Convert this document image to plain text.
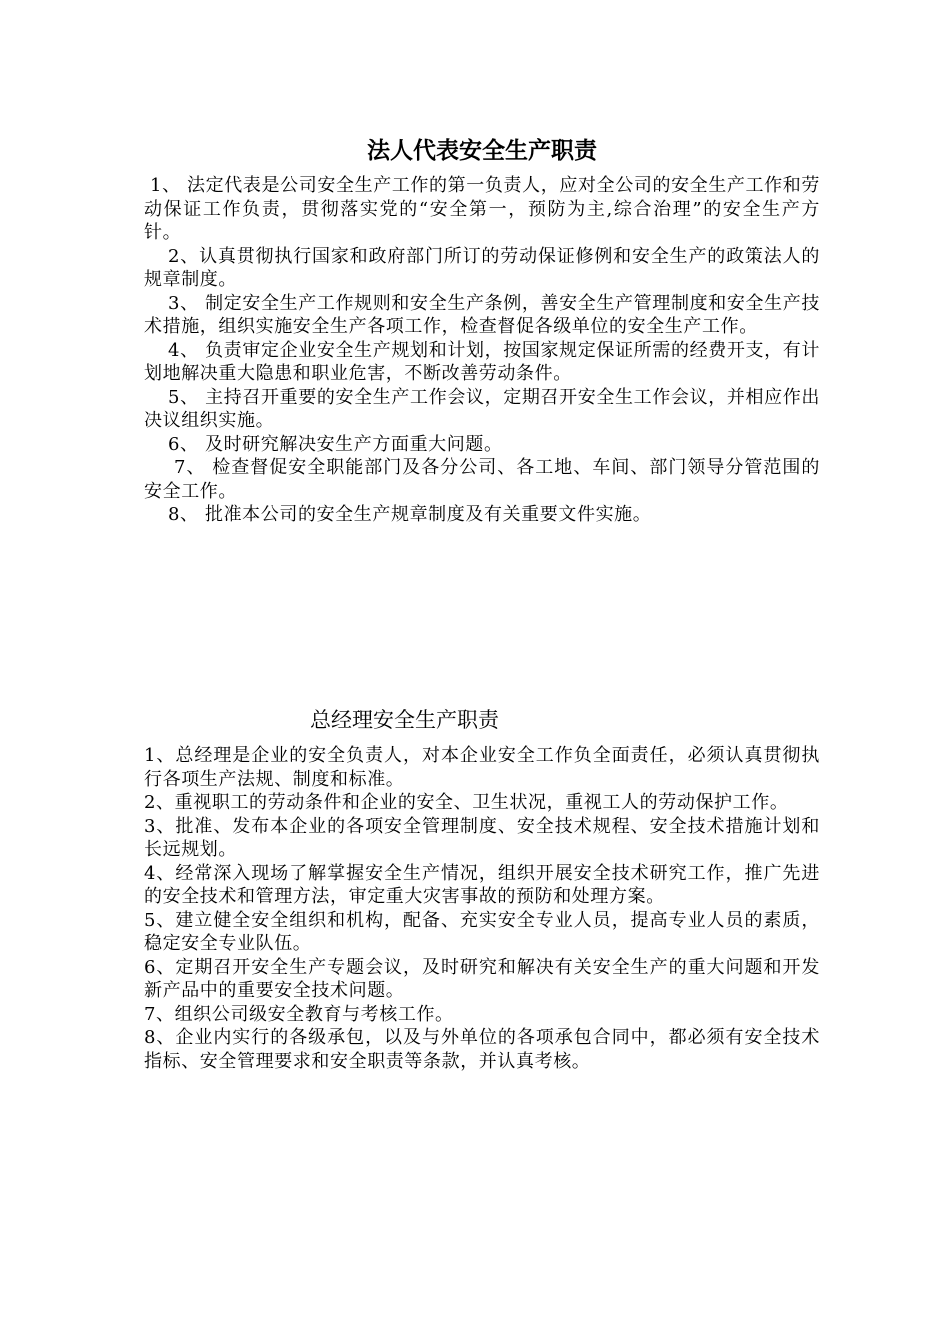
法人代表安全生产职责

1、 法定代表是公司安全生产工作的第一负责人，应对全公司的安全生产工作和劳动保证工作负责，贯彻落实党的“安全第一，预防为主,综合治理”的安全生产方针。

2、认真贯彻执行国家和政府部门所订的劳动保证修例和安全生产的政策法人的规章制度。

3、 制定安全生产工作规则和安全生产条例，善安全生产管理制度和安全生产技术措施，组织实施安全生产各项工作，检查督促各级单位的安全生产工作。

4、 负责审定企业安全生产规划和计划，按国家规定保证所需的经费开支，有计划地解决重大隐患和职业危害，不断改善劳动条件。

5、 主持召开重要的安全生产工作会议，定期召开安全生工作会议，并相应作出决议组织实施。

6、 及时研究解决安生产方面重大问题。

7、 检查督促安全职能部门及各分公司、各工地、车间、部门领导分管范围的安全工作。

8、 批准本公司的安全生产规章制度及有关重要文件实施。

总经理安全生产职责

1、总经理是企业的安全负责人，对本企业安全工作负全面责任，必须认真贯彻执行各项生产法规、制度和标准。

2、重视职工的劳动条件和企业的安全、卫生状况，重视工人的劳动保护工作。

3、批准、发布本企业的各项安全管理制度、安全技术规程、安全技术措施计划和长远规划。

4、经常深入现场了解掌握安全生产情况，组织开展安全技术研究工作，推广先进的安全技术和管理方法，审定重大灾害事故的预防和处理方案。

5、建立健全安全组织和机构，配备、充实安全专业人员，提高专业人员的素质，稳定安全专业队伍。

6、定期召开安全生产专题会议，及时研究和解决有关安全生产的重大问题和开发新产品中的重要安全技术问题。

7、组织公司级安全教育与考核工作。

8、企业内实行的各级承包，以及与外单位的各项承包合同中，都必须有安全技术指标、安全管理要求和安全职责等条款，并认真考核。
